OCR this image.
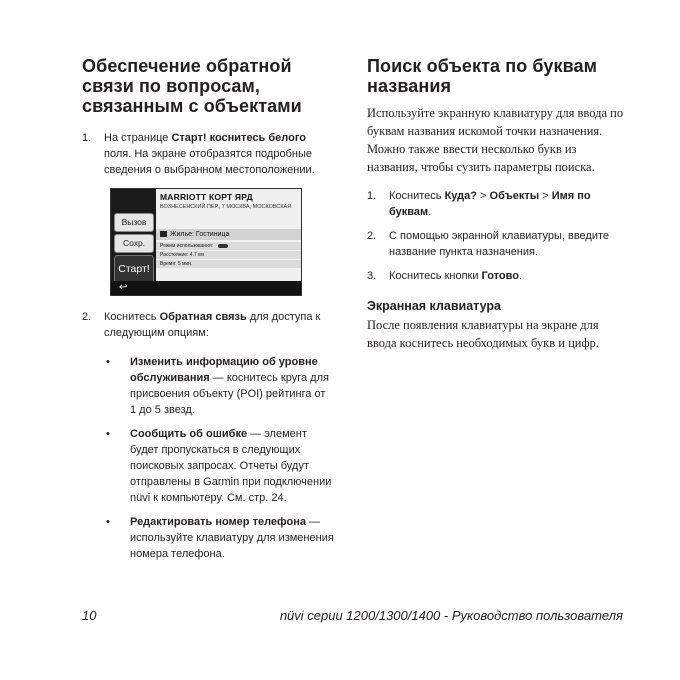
Обеспечение обратной связи по вопросам, связанным с объектами
1. На странице Старт! коснитесь белого поля. На экране отобразятся подробные сведения о выбранном местоположении.
Вызов
Сохр.
Старт!
MARRIOTT КОРТ ЯРД
ВОЗНЕСЕНСКИЙ ПЕР., 7 МОСКВА, МОСКОВСКАЯ
Жилье: Гостиница
Режим использования:
Расстояние: 4.7 км
Время: 5 мин.
↩
2. Коснитесь Обратная связь для доступа к следующим опциям:
• Изменить информацию об уровне обслуживания — коснитесь круга для присвоения объекту (POI) рейтинга от 1 до 5 звезд.
• Сообщить об ошибке — элемент будет пропускаться в следующих поисковых запросах. Отчеты будут отправлены в Garmin при подключении nüvi к компьютеру. См. стр. 24.
• Редактировать номер телефона — используйте клавиатуру для изменения номера телефона.
Поиск объекта по буквам названия

Используйте экранную клавиатуру для ввода по буквам названия искомой точки назначения. Можно также ввести несколько букв из названия, чтобы сузить параметры поиска.

1. Коснитесь Куда? > Объекты > Имя по буквам.
2. С помощью экранной клавиатуры, введите название пункта назначения.
3. Коснитесь кнопки Готово.
Экранная клавиатура

После появления клавиатуры на экране для ввода коснитесь необходимых букв и цифр.

10	nüvi серии 1200/1300/1400 - Руководство пользователя
